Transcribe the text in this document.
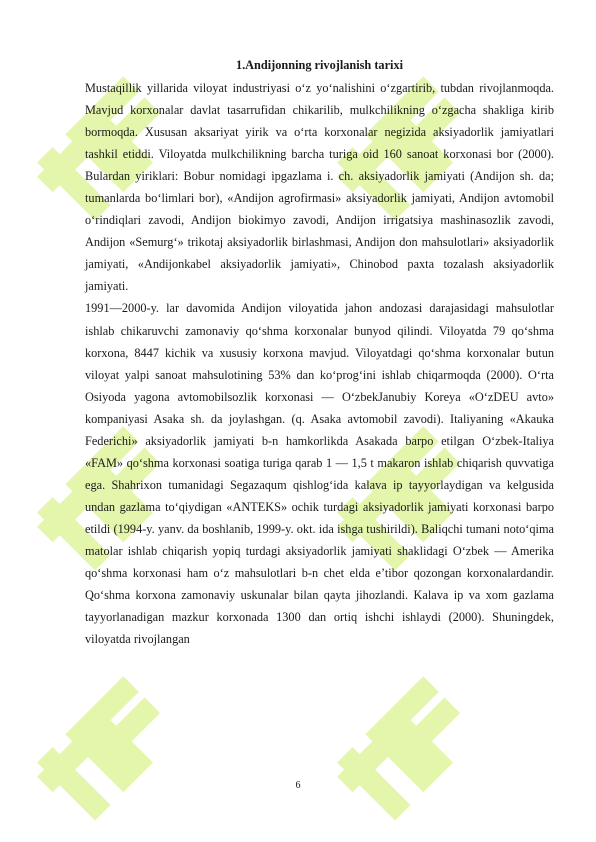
1.Andijonning rivojlanish tarixi

Mustaqillik yillarida viloyat industriyasi o‘z yo‘nalishini o‘zgartirib, tubdan rivojlanmoqda. Mavjud korxonalar davlat tasarrufidan chikarilib, mulkchilikning o‘zgacha shakliga kirib bormoqda. Xususan aksariyat yirik va o‘rta korxonalar negizida aksiyadorlik jamiyatlari tashkil etiddi. Viloyatda mulkchilikning barcha turiga oid 160 sanoat korxonasi bor (2000). Bulardan yiriklari: Bobur nomidagi ipgazlama i. ch. aksiyadorlik jamiyati (Andijon sh. da; tumanlarda bo‘limlari bor), «Andijon agrofirmasi» aksiyadorlik jamiyati, Andijon avtomobil o‘rindiqlari zavodi, Andijon biokimyo zavodi, Andijon irrigatsiya mashinasozlik zavodi, Andijon «Semurg‘» trikotaj aksiyadorlik birlashmasi, Andijon don mahsulotlari» aksiyadorlik jamiyati, «Andijonkabel aksiyadorlik jamiyati», Chinobod paxta tozalash aksiyadorlik jamiyati.

1991—2000-y. lar davomida Andijon viloyatida jahon andozasi darajasidagi mahsulotlar ishlab chikaruvchi zamonaviy qo‘shma korxonalar bunyod qilindi. Viloyatda 79 qo‘shma korxona, 8447 kichik va xususiy korxona mavjud. Viloyatdagi qo‘shma korxonalar butun viloyat yalpi sanoat mahsulotining 53% dan ko‘prog‘ini ishlab chiqarmoqda (2000). O‘rta Osiyoda yagona avtomobilsozlik korxonasi — O‘zbekJanubiy Koreya «O‘zDEU avto» kompaniyasi Asaka sh. da joylashgan. (q. Asaka avtomobil zavodi). Italiyaning «Akauka Federichi» aksiyadorlik jamiyati b-n hamkorlikda Asakada barpo etilgan O‘zbek-Italiya «FAM» qo‘shma korxonasi soatiga turiga qarab 1 — 1,5 t makaron ishlab chiqarish quvvatiga ega. Shahrixon tumanidagi Segazaqum qishlog‘ida kalava ip tayyorlaydigan va kelgusida undan gazlama to‘qiydigan «ANTEKS» ochik turdagi aksiyadorlik jamiyati korxonasi barpo etildi (1994-y. yanv. da boshlanib, 1999-y. okt. ida ishga tushirildi). Baliqchi tumani noto‘qima matolar ishlab chiqarish yopiq turdagi aksiyadorlik jamiyati shaklidagi O‘zbek — Amerika qo‘shma korxonasi ham o‘z mahsulotlari b-n chet elda e’tibor qozongan korxonalardandir. Qo‘shma korxona zamonaviy uskunalar bilan qayta jihozlandi. Kalava ip va xom gazlama tayyorlanadigan mazkur korxonada 1300 dan ortiq ishchi ishlaydi (2000). Shuningdek, viloyatda rivojlangan

6
